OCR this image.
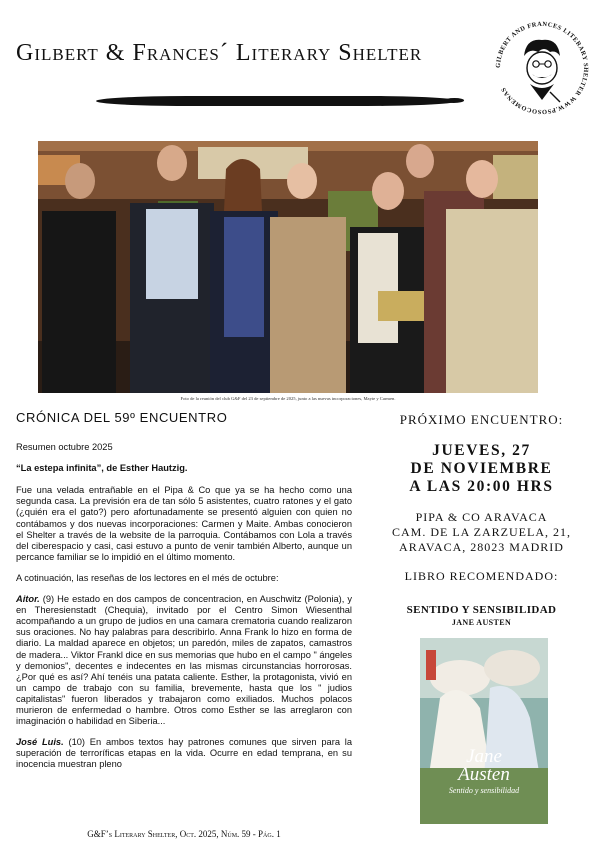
Gilbert & Frances´ Literary Shelter	GILBERT AND FRANCES LITERARY SHELTER WWW.PSOSOCOMENAS
Foto de la reunión del club G&F del 23 de septiembre de 2025, junto a las nuevas incorporaciones, Mayte y Carmen.
CRÓNICA DEL 59º ENCUENTRO
Resumen octubre 2025
“La estepa infinita”, de Esther Hautzig.

Fue una velada entrañable en el Pipa & Co que ya se ha hecho como una segunda casa. La previsión era de tan sólo 5 asistentes, cuatro ratones y el gato (¿quién era el gato?) pero afortunadamente se presentó alguien con quien no contábamos y dos nuevas incorporaciones: Carmen y Maite. Ambas conocieron el Shelter a través de la website de la parroquia. Contábamos con Lola a través del ciberespacio y casi, casi estuvo a punto de venir también Alberto, aunque un percance familiar se lo impidió en el último momento.

A cotinuación, las reseñas de los lectores en el més de octubre:

Aitor. (9) He estado en dos campos de concentracion, en Auschwitz (Polonia), y en Theresienstadt (Chequia), invitado por el Centro Simon Wiesenthal acompañando a un grupo de judios en una camara crematoria cuando realizaron sus oraciones. No hay palabras para describirlo. Anna Frank lo hizo en forma de diario. La maldad aparece en objetos; un paredón, miles de zapatos, camastros de madera... Viktor Frankl dice en sus memorias que hubo en el campo " ángeles y demonios", decentes e indecentes en las mismas circunstancias horrorosas. ¿Por qué es así? Ahí tenéis una patata caliente. Esther, la protagonista, vivió en un campo de trabajo con su familia, brevemente, hasta que los " judios capitalistas" fueron liberados y trabajaron como exiliados. Muchos polacos murieron de enfermedad o hambre. Otros como Esther se las arreglaron con imaginación o habilidad en Siberia...

José Luis. (10) En ambos textos hay patrones comunes que sirven para la superación de terroríficas etapas en la vida. Ocurre en edad temprana, en su inocencia muestran pleno

G&F’s Literary Shelter, Oct. 2025, Núm. 59 - Pág. 1
PRÓXIMO ENCUENTRO:
JUEVES, 27
DE NOVIEMBRE
A LAS 20:00 HRS
PIPA & CO ARAVACA
CAM. DE LA ZARZUELA, 21,
ARAVACA, 28023 MADRID
LIBRO RECOMENDADO:
SENTIDO Y SENSIBILIDAD
JANE AUSTEN
Jane
Austen
Sentido y sensibilidad
